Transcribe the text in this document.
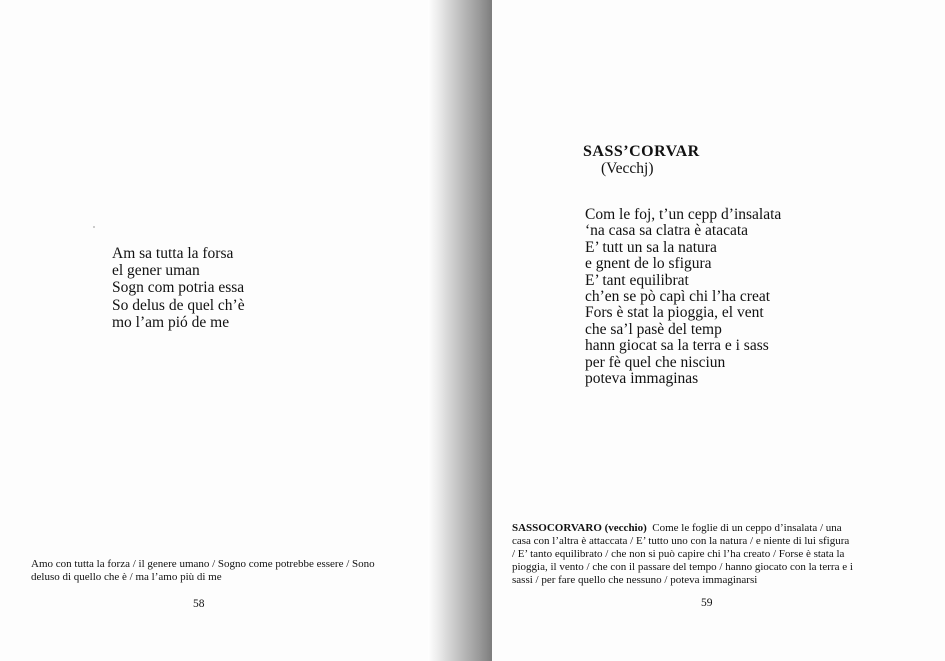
Am sa tutta la forsa
el gener uman
Sogn com potria essa
So delus de quel ch’è
mo l’am pió de me
Amo con tutta la forza / il genere umano / Sogno come potrebbe essere / Sono
deluso di quello che è / ma l’amo più di me
58
SASS’CORVAR
(Vecchj)
Com le foj, t’un cepp d’insalata
‘na casa sa clatra è atacata
E’ tutt un sa la natura
e gnent de lo sfigura
E’ tant equilibrat
ch’en se pò capì chi l’ha creat
Fors è stat la pioggia, el vent
che sa’l pasè del temp
hann giocat sa la terra e i sass
per fè quel che nisciun
poteva immaginas
SASSOCORVARO (vecchio) Come le foglie di un ceppo d’insalata / una
casa con l’altra è attaccata / E’ tutto uno con la natura / e niente di lui sfigura
/ E’ tanto equilibrato / che non si può capire chi l’ha creato / Forse è stata la
pioggia, il vento / che con il passare del tempo / hanno giocato con la terra e i
sassi / per fare quello che nessuno / poteva immaginarsi
59
